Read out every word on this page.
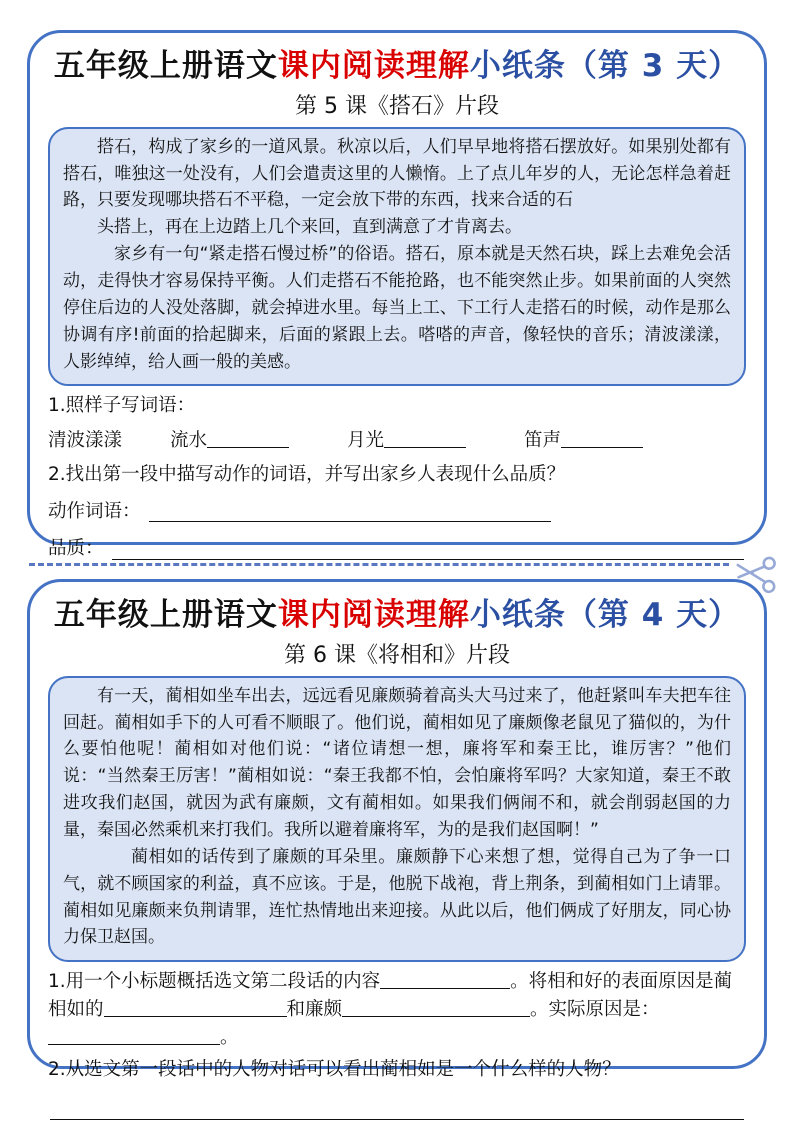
五年级上册语文课内阅读理解小纸条（第 3 天）
第 5 课《搭石》片段

搭石，构成了家乡的一道风景。秋凉以后，人们早早地将搭石摆放好。如果别处都有搭石，唯独这一处没有，人们会遣责这里的人懒惰。上了点儿年岁的人，无论怎样急着赶路，只要发现哪块搭石不平稳，一定会放下带的东西，找来合适的石

头搭上，再在上边踏上几个来回，直到满意了才肯离去。

家乡有一句“紧走搭石慢过桥”的俗语。搭石，原本就是天然石块，踩上去难免会活动，走得快才容易保持平衡。人们走搭石不能抢路，也不能突然止步。如果前面的人突然停住后边的人没处落脚，就会掉进水里。每当上工、下工行人走搭石的时候，动作是那么协调有序!前面的拾起脚来，后面的紧跟上去。嗒嗒的声音，像轻快的音乐；清波漾漾，人影绰绰，给人画一般的美感。

1.照样子写词语：

清波漾漾	流水	月光	笛声

2.找出第一段中描写动作的词语，并写出家乡人表现什么品质？

动作词语：
品质：
五年级上册语文课内阅读理解小纸条（第 4 天）
第 6 课《将相和》片段

有一天，蔺相如坐车出去，远远看见廉颇骑着高头大马过来了，他赶紧叫车夫把车往回赶。蔺相如手下的人可看不顺眼了。他们说，蔺相如见了廉颇像老鼠见了猫似的，为什么要怕他呢！蔺相如对他们说：“诸位请想一想，廉将军和秦王比，谁厉害？”他们说：“当然秦王厉害！”蔺相如说：“秦王我都不怕，会怕廉将军吗？大家知道，秦王不敢进攻我们赵国，就因为武有廉颇，文有蔺相如。如果我们俩闹不和，就会削弱赵国的力量，秦国必然乘机来打我们。我所以避着廉将军，为的是我们赵国啊！”

蔺相如的话传到了廉颇的耳朵里。廉颇静下心来想了想，觉得自己为了争一口气，就不顾国家的利益，真不应该。于是，他脱下战袍，背上荆条，到蔺相如门上请罪。蔺相如见廉颇来负荆请罪，连忙热情地出来迎接。从此以后，他们俩成了好朋友，同心协力保卫赵国。

1.用一个小标题概括选文第二段话的内容	。将相和好的表面原因是蔺相如的	和廉颇	。实际原因是：。

2.从选文第一段话中的人物对话可以看出蔺相如是一个什么样的人物？
